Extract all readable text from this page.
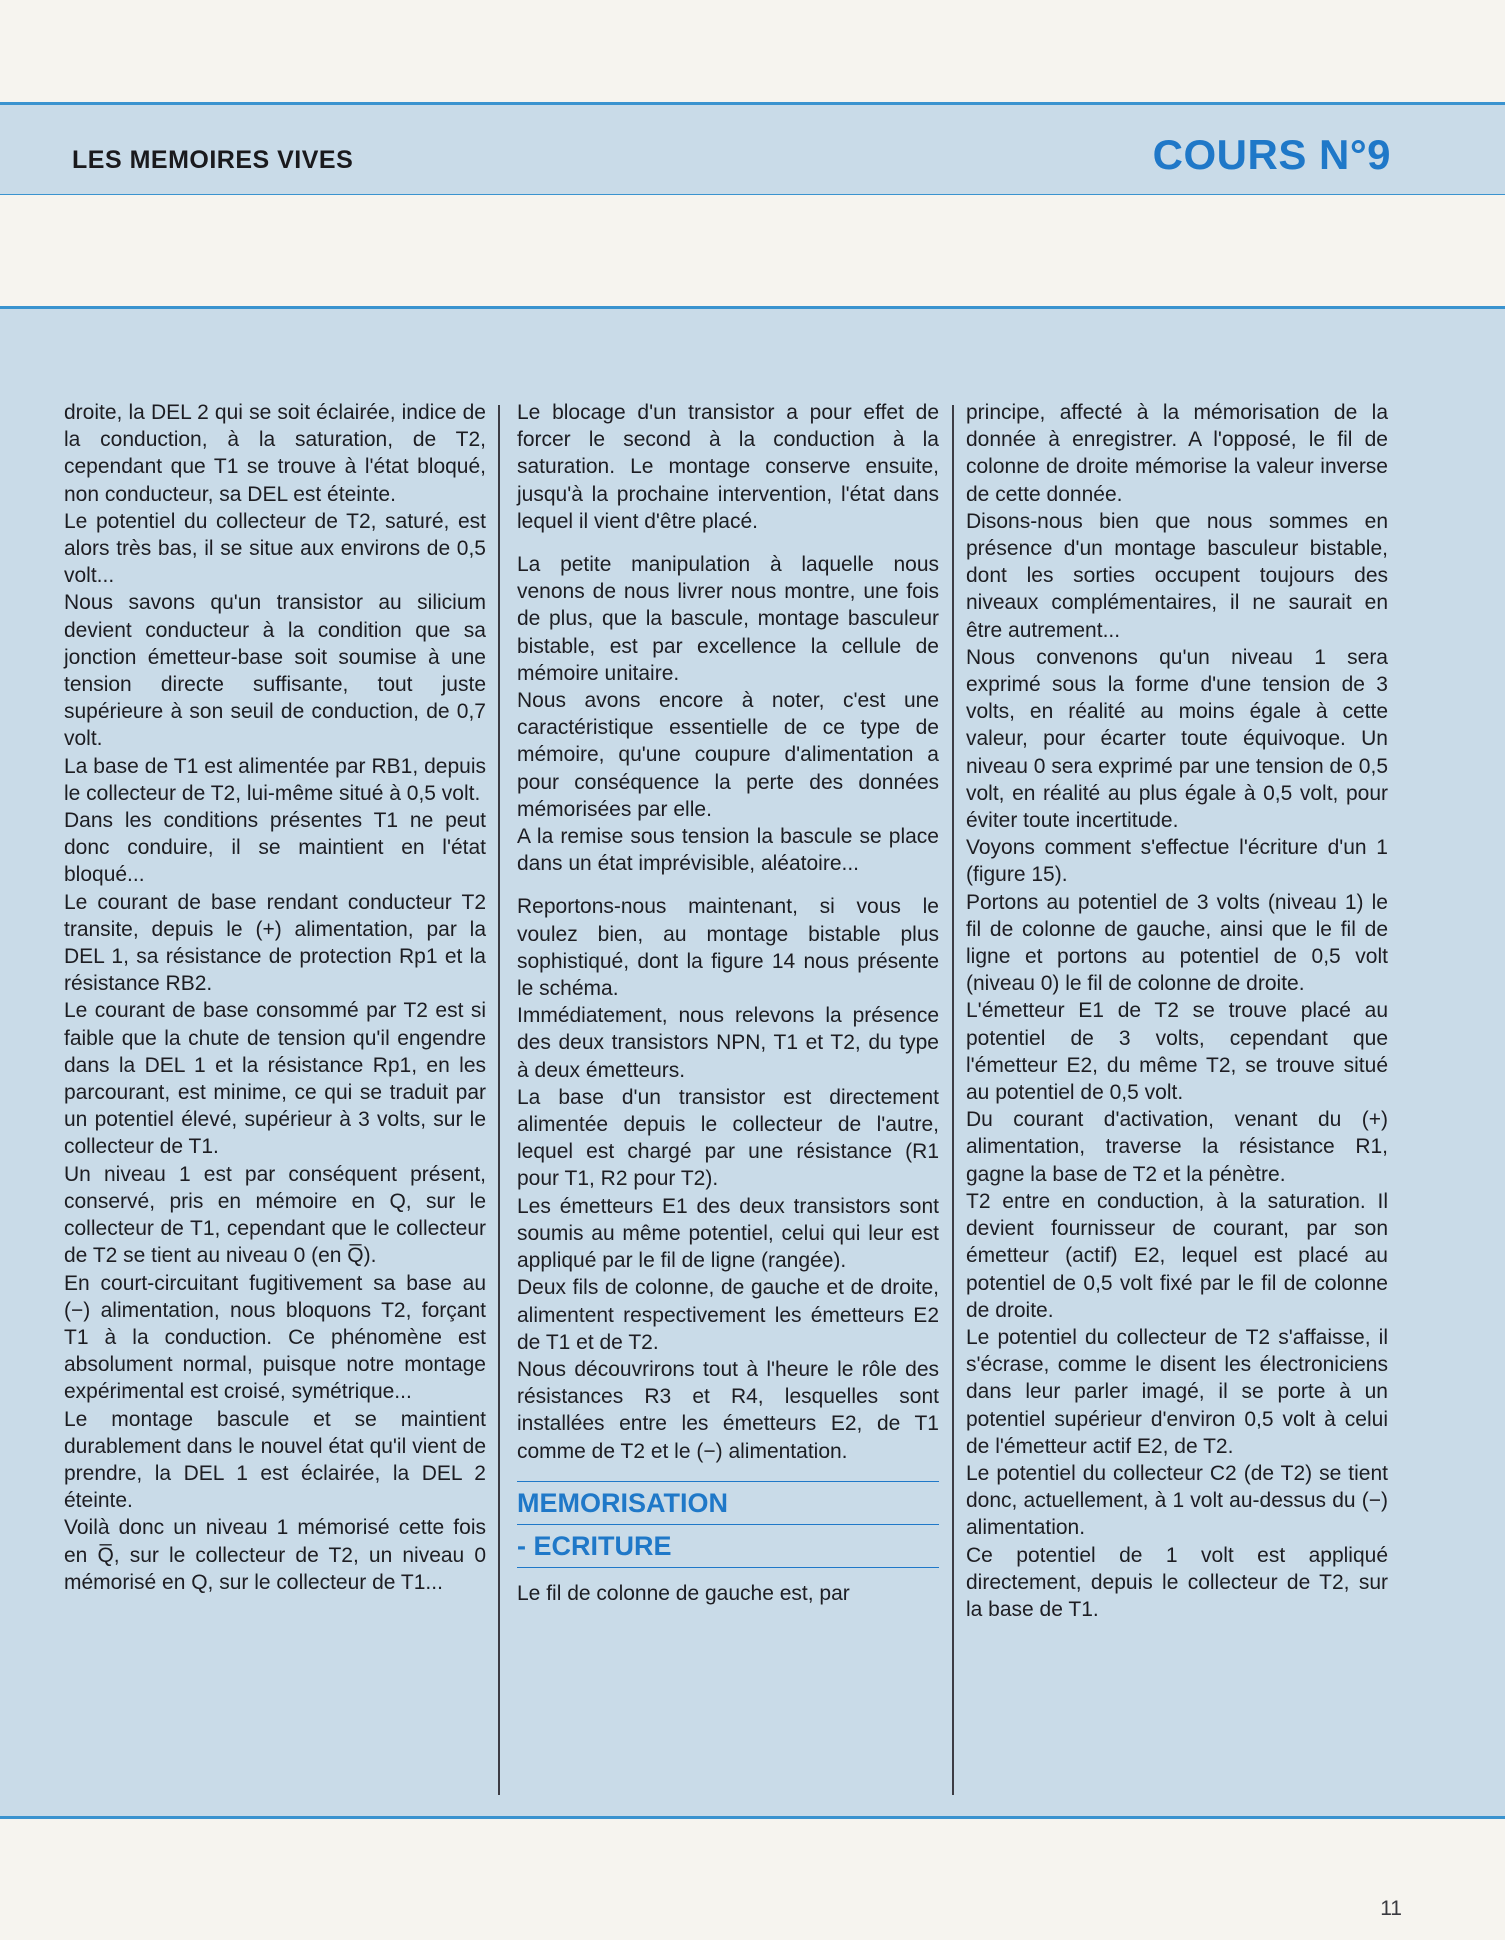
LES MEMOIRES VIVES	COURS N°9

droite, la DEL 2 qui se soit éclairée, indice de la conduction, à la saturation, de T2, cependant que T1 se trouve à l'état bloqué, non conducteur, sa DEL est éteinte.

Le potentiel du collecteur de T2, saturé, est alors très bas, il se situe aux environs de 0,5 volt...

Nous savons qu'un transistor au silicium devient conducteur à la condition que sa jonction émetteur-base soit soumise à une tension directe suffisante, tout juste supérieure à son seuil de conduction, de 0,7 volt.

La base de T1 est alimentée par RB1, depuis le collecteur de T2, lui-même situé à 0,5 volt.

Dans les conditions présentes T1 ne peut donc conduire, il se maintient en l'état bloqué...

Le courant de base rendant conducteur T2 transite, depuis le (+) alimentation, par la DEL 1, sa résistance de protection Rp1 et la résistance RB2.

Le courant de base consommé par T2 est si faible que la chute de tension qu'il engendre dans la DEL 1 et la résistance Rp1, en les parcourant, est minime, ce qui se traduit par un potentiel élevé, supérieur à 3 volts, sur le collecteur de T1.

Un niveau 1 est par conséquent présent, conservé, pris en mémoire en Q, sur le collecteur de T1, cependant que le collecteur de T2 se tient au niveau 0 (en Q̅).

En court-circuitant fugitivement sa base au (−) alimentation, nous bloquons T2, forçant T1 à la conduction. Ce phénomène est absolument normal, puisque notre montage expérimental est croisé, symétrique...

Le montage bascule et se maintient durablement dans le nouvel état qu'il vient de prendre, la DEL 1 est éclairée, la DEL 2 éteinte.

Voilà donc un niveau 1 mémorisé cette fois en Q̅, sur le collecteur de T2, un niveau 0 mémorisé en Q, sur le collecteur de T1...

Le blocage d'un transistor a pour effet de forcer le second à la conduction à la saturation. Le montage conserve ensuite, jusqu'à la prochaine intervention, l'état dans lequel il vient d'être placé.

La petite manipulation à laquelle nous venons de nous livrer nous montre, une fois de plus, que la bascule, montage basculeur bistable, est par excellence la cellule de mémoire unitaire.

Nous avons encore à noter, c'est une caractéristique essentielle de ce type de mémoire, qu'une coupure d'alimentation a pour conséquence la perte des données mémorisées par elle.

A la remise sous tension la bascule se place dans un état imprévisible, aléatoire...

Reportons-nous maintenant, si vous le voulez bien, au montage bistable plus sophistiqué, dont la figure 14 nous présente le schéma.

Immédiatement, nous relevons la présence des deux transistors NPN, T1 et T2, du type à deux émetteurs.

La base d'un transistor est directement alimentée depuis le collecteur de l'autre, lequel est chargé par une résistance (R1 pour T1, R2 pour T2).

Les émetteurs E1 des deux transistors sont soumis au même potentiel, celui qui leur est appliqué par le fil de ligne (rangée).

Deux fils de colonne, de gauche et de droite, alimentent respectivement les émetteurs E2 de T1 et de T2.

Nous découvrirons tout à l'heure le rôle des résistances R3 et R4, lesquelles sont installées entre les émetteurs E2, de T1 comme de T2 et le (−) alimentation.

MEMORISATION
- ECRITURE

Le fil de colonne de gauche est, par

principe, affecté à la mémorisation de la donnée à enregistrer. A l'opposé, le fil de colonne de droite mémorise la valeur inverse de cette donnée.

Disons-nous bien que nous sommes en présence d'un montage basculeur bistable, dont les sorties occupent toujours des niveaux complémentaires, il ne saurait en être autrement...

Nous convenons qu'un niveau 1 sera exprimé sous la forme d'une tension de 3 volts, en réalité au moins égale à cette valeur, pour écarter toute équivoque. Un niveau 0 sera exprimé par une tension de 0,5 volt, en réalité au plus égale à 0,5 volt, pour éviter toute incertitude.

Voyons comment s'effectue l'écriture d'un 1 (figure 15).

Portons au potentiel de 3 volts (niveau 1) le fil de colonne de gauche, ainsi que le fil de ligne et portons au potentiel de 0,5 volt (niveau 0) le fil de colonne de droite.

L'émetteur E1 de T2 se trouve placé au potentiel de 3 volts, cependant que l'émetteur E2, du même T2, se trouve situé au potentiel de 0,5 volt.

Du courant d'activation, venant du (+) alimentation, traverse la résistance R1, gagne la base de T2 et la pénètre.

T2 entre en conduction, à la saturation. Il devient fournisseur de courant, par son émetteur (actif) E2, lequel est placé au potentiel de 0,5 volt fixé par le fil de colonne de droite.

Le potentiel du collecteur de T2 s'affaisse, il s'écrase, comme le disent les électroniciens dans leur parler imagé, il se porte à un potentiel supérieur d'environ 0,5 volt à celui de l'émetteur actif E2, de T2.

Le potentiel du collecteur C2 (de T2) se tient donc, actuellement, à 1 volt au-dessus du (−) alimentation.

Ce potentiel de 1 volt est appliqué directement, depuis le collecteur de T2, sur la base de T1.

11
